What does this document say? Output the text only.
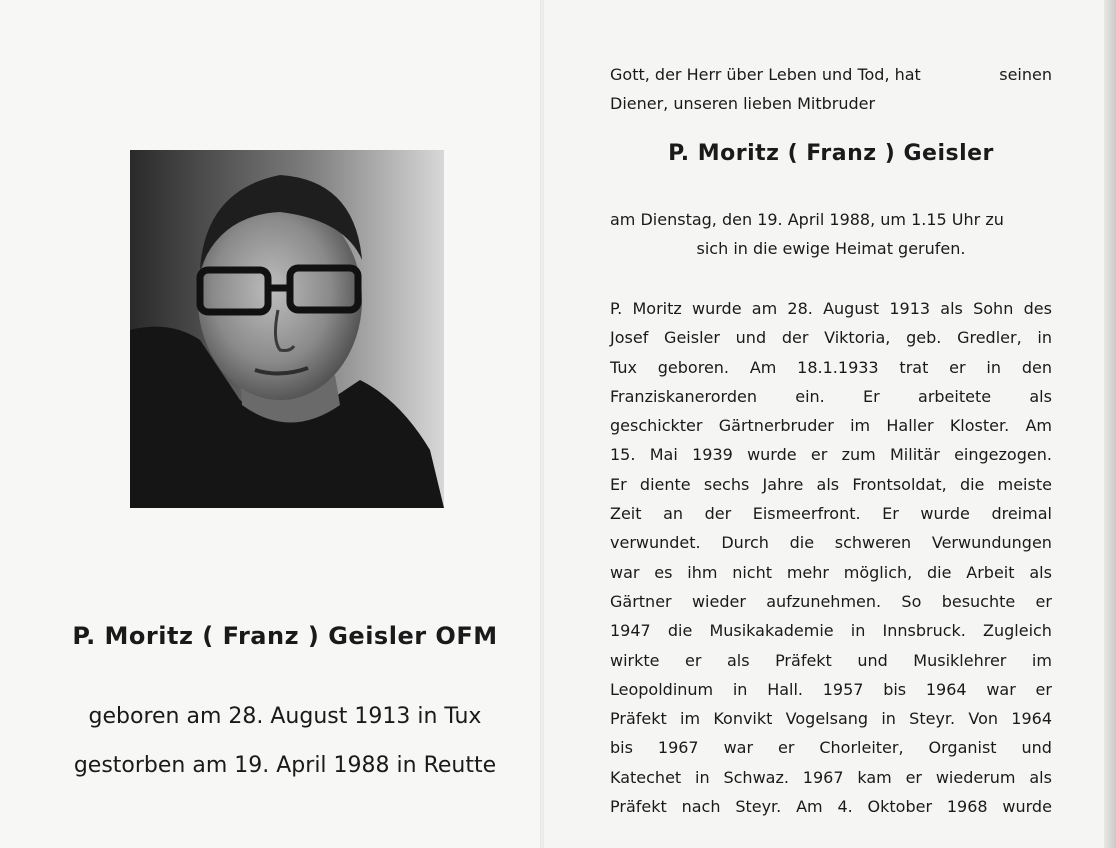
P. Moritz ( Franz ) Geisler OFM
geboren am 28. August 1913 in Tux
gestorben am 19. April 1988 in Reutte
Gott, der Herr über Leben und Tod, hat	seinen
Diener, unseren lieben Mitbruder
P. Moritz ( Franz ) Geisler
am Dienstag, den 19. April 1988, um 1.15 Uhr zu
sich in die ewige Heimat gerufen.
P. Moritz wurde am 28. August 1913 als Sohn des
Josef Geisler und der Viktoria, geb. Gredler, in
Tux geboren. Am 18.1.1933 trat er in den
Franziskanerorden ein. Er arbeitete als
geschickter Gärtnerbruder im Haller Kloster. Am
15. Mai 1939 wurde er zum Militär eingezogen.
Er diente sechs Jahre als Frontsoldat, die meiste
Zeit an der Eismeerfront. Er wurde dreimal
verwundet. Durch die schweren Verwundungen
war es ihm nicht mehr möglich, die Arbeit als
Gärtner wieder aufzunehmen. So besuchte er
1947 die Musikakademie in Innsbruck. Zugleich
wirkte er als Präfekt und Musiklehrer im
Leopoldinum in Hall. 1957 bis 1964 war er
Präfekt im Konvikt Vogelsang in Steyr. Von 1964
bis 1967 war er Chorleiter, Organist und
Katechet in Schwaz. 1967 kam er wiederum als
Präfekt nach Steyr. Am 4. Oktober 1968 wurde
